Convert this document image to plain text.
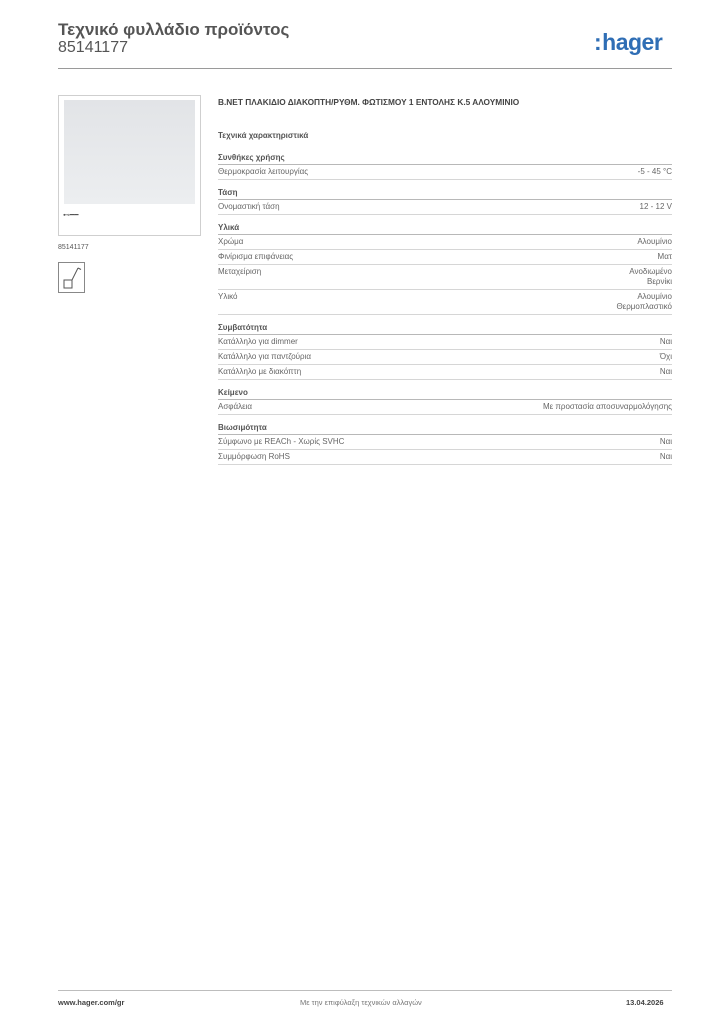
Τεχνικό φυλλάδιο προϊόντος
85141177	:hager
⊷━━
85141177
B.NET ΠΛΑΚΙΔΙΟ ΔΙΑΚΟΠΤΗ/ΡΥΘΜ. ΦΩΤΙΣΜΟΥ 1 ΕΝΤΟΛΗΣ Κ.5 ΑΛΟΥΜΙΝΙΟ
Τεχνικά χαρακτηριστικά
Συνθήκες χρήσης
Θερμοκρασία λειτουργίας	-5 - 45 °C
Τάση
Ονομαστική τάση	12 - 12 V
Υλικά
Χρώμα	Αλουμίνιο
Φινίρισμα επιφάνειας	Ματ
Μεταχείριση	Ανοδιωμένο
Βερνίκι
Υλικό	Αλουμίνιο
Θερμοπλαστικό
Συμβατότητα
Κατάλληλο για dimmer	Ναι
Κατάλληλο για παντζούρια	Όχι
Κατάλληλο με διακόπτη	Ναι
Κείμενο
Ασφάλεια	Με προστασία αποσυναρμολόγησης
Βιωσιμότητα
Σύμφωνο με REACh - Χωρίς SVHC	Ναι
Συμμόρφωση RoHS	Ναι
www.hager.com/gr	Με την επιφύλαξη τεχνικών αλλαγών	13.04.2026
